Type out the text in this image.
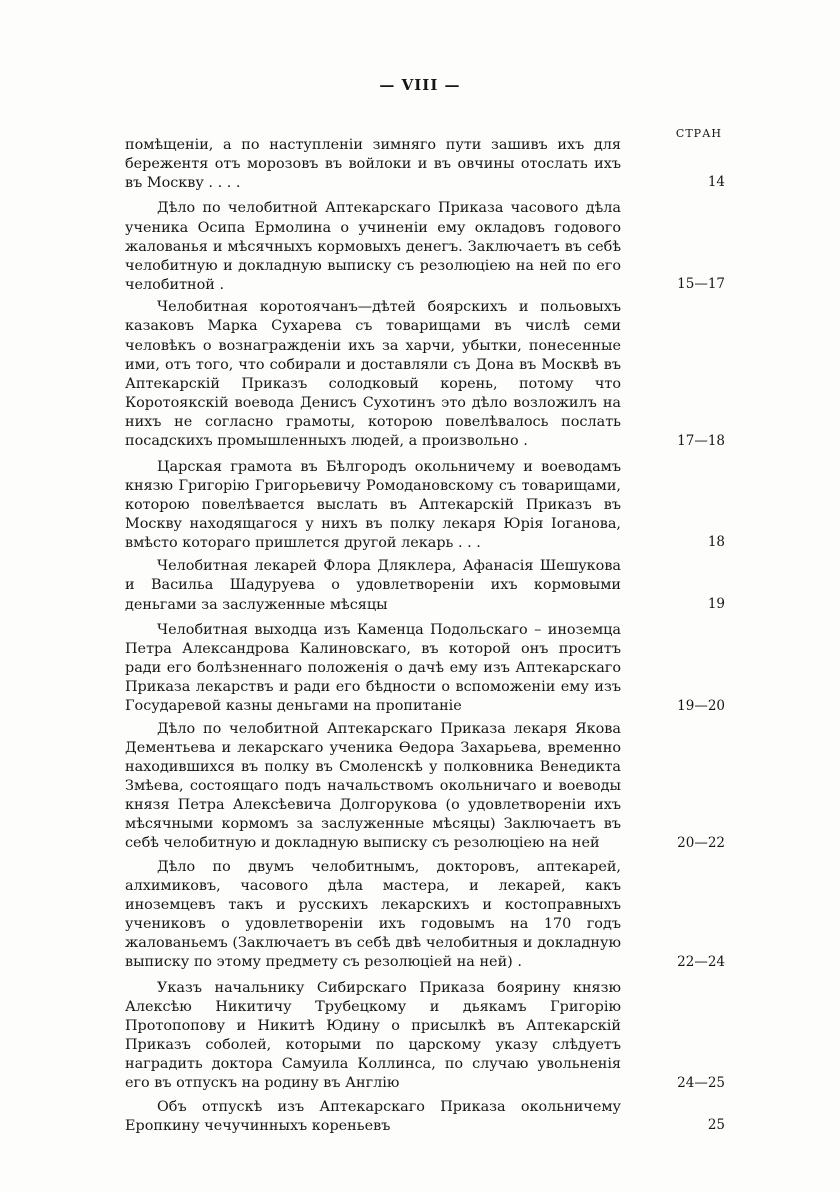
— VIII —
СТРАН
помѣщеніи, а по наступленіи зимняго пути зашивъ ихъ для бережентя отъ морозовъ въ войлоки и въ овчины отослать ихъ въ Москву . . . .	14
Дѣло по челобитной Аптекарскаго Приказа часового дѣла ученика Осипа Ермолина о учиненіи ему окладовъ годового жалованья и мѣсячныхъ кормовыхъ денегъ. Заключаетъ въ себѣ челобитную и докладную выписку съ резолюціею на ней по его челобитной .	15—17
Челобитная коротоячанъ—дѣтей боярскихъ и польовыхъ казаковъ Марка Сухарева съ товарищами въ числѣ семи человѣкъ о вознагражденіи ихъ за харчи, убытки, понесенные ими, отъ того, что собирали и доставляли съ Дона въ Москвѣ въ Аптекарскій Приказъ солодковый корень, потому что Коротоякскій воевода Денисъ Сухотинъ это дѣло возложилъ на нихъ не согласно грамоты, которою повелѣвалось послать посадскихъ промышленныхъ людей, а произвольно .	17—18
Царская грамота въ Бѣлгородъ окольничему и воеводамъ князю Григорію Григорьевичу Ромодановскому съ товарищами, которою повелѣвается выслать въ Аптекарскій Приказъ въ Москву находящагося у нихъ въ полку лекаря Юрія Іоганова, вмѣсто котораго пришлется другой лекарь . . .	18
Челобитная лекарей Флора Дляклера, Афанасія Шешукова и Васильа Шадуруева о удовлетвореніи ихъ кормовыми деньгами за заслуженные мѣсяцы	19
Челобитная выходца изъ Каменца Подольскаго – иноземца Петра Александрова Калиновскаго, въ которой онъ проситъ ради его болѣзненнаго положенія о дачѣ ему изъ Аптекарскаго Приказа лекарствъ и ради его бѣдности о вспоможеніи ему изъ Государевой казны деньгами на пропитаніе	19—20
Дѣло по челобитной Аптекарскаго Приказа лекаря Якова Дементьева и лекарскаго ученика Ѳедора Захарьева, временно находившихся въ полку въ Смоленскѣ у полковника Венедикта Змѣева, состоящаго подъ начальствомъ окольничаго и воеводы князя Петра Алексѣевича Долгорукова (о удовлетвореніи ихъ мѣсячными кормомъ за заслуженные мѣсяцы) Заключаетъ въ себѣ челобитную и докладную выписку съ резолюціею на ней	20—22
Дѣло по двумъ челобитнымъ, докторовъ, аптекарей, алхимиковъ, часового дѣла мастера, и лекарей, какъ иноземцевъ такъ и русскихъ лекарскихъ и костоправныхъ учениковъ о удовлетвореніи ихъ годовымъ на 170 годъ жалованьемъ (Заключаетъ въ себѣ двѣ челобитныя и докладную выписку по этому предмету съ резолюціей на ней) .	22—24
Указъ начальнику Сибирскаго Приказа боярину князю Алексѣю Никитичу Трубецкому и дьякамъ Григорію Протопопову и Никитѣ Юдину о присылкѣ въ Аптекарскій Приказъ соболей, которыми по царскому указу слѣдуетъ наградить доктора Самуила Коллинса, по случаю увольненія его въ отпускъ на родину въ Англію	24—25
Объ отпускѣ изъ Аптекарскаго Приказа окольничему Еропкину чечучинныхъ кореньевъ	25
